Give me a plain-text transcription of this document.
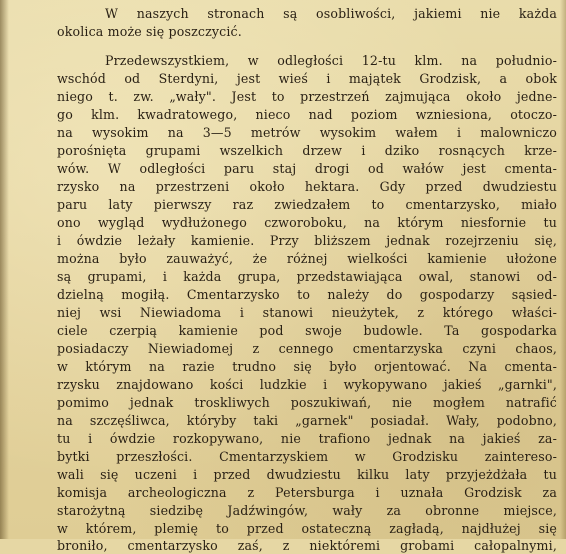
W naszych stronach są osobliwości, jakiemi nie każda
okolica może się poszczycić.
Przedewszystkiem, w odległości 12-tu klm. na południo-
wschód od Sterdyni, jest wieś i majątek Grodzisk, a obok
niego t. zw. „wały". Jest to przestrzeń zajmująca około jedne-
go klm. kwadratowego, nieco nad poziom wzniesiona, otoczo-
na wysokim na 3—5 metrów wysokim wałem i malowniczo
porośnięta grupami wszelkich drzew i dziko rosnących krze-
wów. W odległości paru staj drogi od wałów jest cmenta-
rzysko na przestrzeni około hektara. Gdy przed dwudziestu
paru laty pierwszy raz zwiedzałem to cmentarzysko, miało
ono wygląd wydłużonego czworoboku, na którym niesfornie tu
i ówdzie leżały kamienie. Przy bliższem jednak rozejrzeniu się,
można było zauważyć, że różnej wielkości kamienie ułożone
są grupami, i każda grupa, przedstawiająca owal, stanowi od-
dzielną mogiłą. Cmentarzysko to należy do gospodarzy sąsied-
niej wsi Niewiadoma i stanowi nieużytek, z którego właści-
ciele czerpią kamienie pod swoje budowle. Ta gospodarka
posiadaczy Niewiadomej z cennego cmentarzyska czyni chaos,
w którym na razie trudno się było orjentować. Na cmenta-
rzysku znajdowano kości ludzkie i wykopywano jakieś „garnki",
pomimo jednak troskliwych poszukiwań, nie mogłem natrafić
na szczęśliwca, któryby taki „garnek" posiadał. Wały, podobno,
tu i ówdzie rozkopywano, nie trafiono jednak na jakieś za-
bytki przeszłości. Cmentarzyskiem w Grodzisku zaintereso-
wali się uczeni i przed dwudziestu kilku laty przyjeżdżała tu
komisja archeologiczna z Petersburga i uznała Grodzisk za
starożytną siedzibę Jadźwingów, wały za obronne miejsce,
w którem, plemię to przed ostateczną zagładą, najdłużej się
broniło, cmentarzysko zaś, z niektóremi grobami całopalnymi,
